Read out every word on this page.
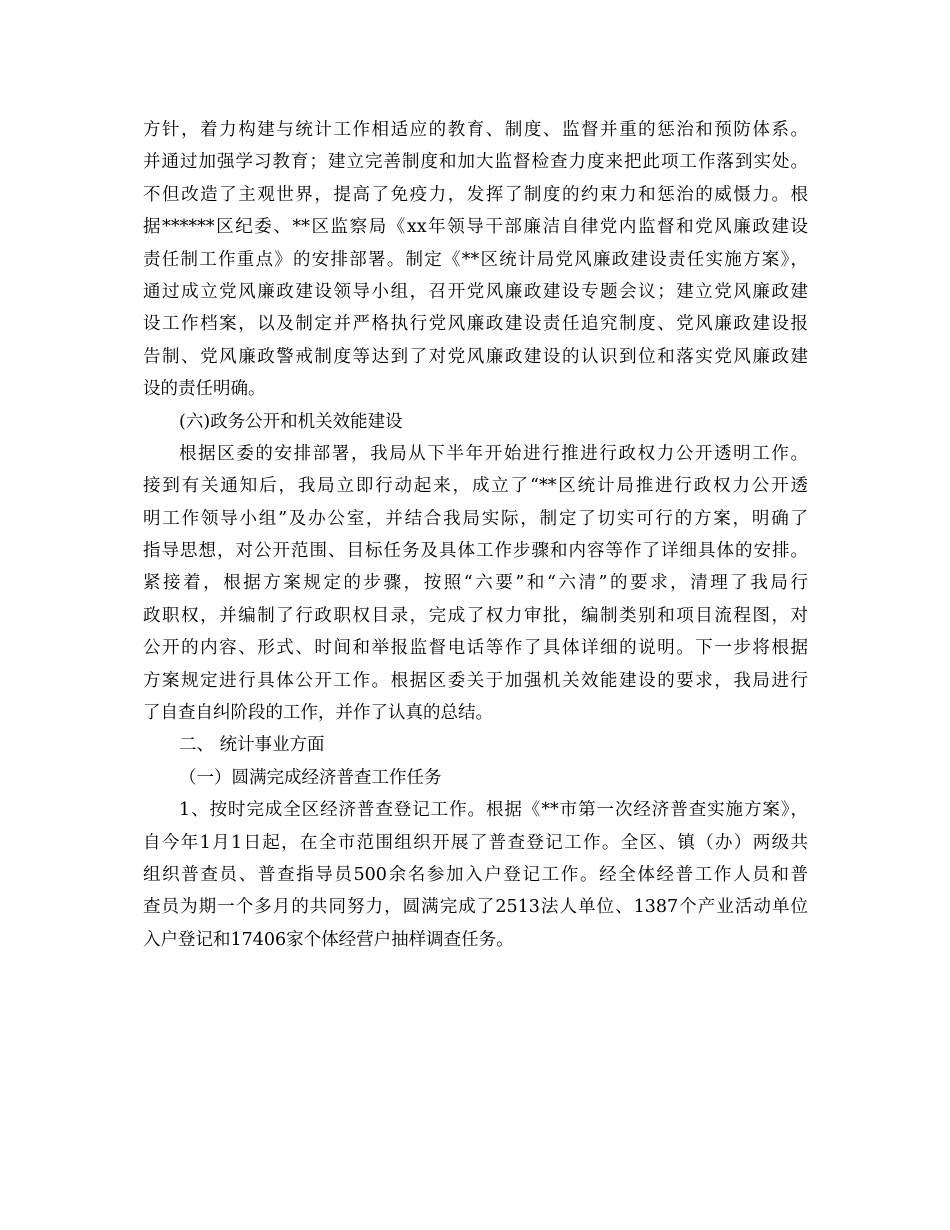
方针，着力构建与统计工作相适应的教育、制度、监督并重的惩治和预防体系。
并通过加强学习教育；建立完善制度和加大监督检查力度来把此项工作落到实处。
不但改造了主观世界，提高了免疫力，发挥了制度的约束力和惩治的威慑力。根
据******区纪委、**区监察局《xx年领导干部廉洁自律党内监督和党风廉政建设
责任制工作重点》的安排部署。制定《**区统计局党风廉政建设责任实施方案》，
通过成立党风廉政建设领导小组，召开党风廉政建设专题会议；建立党风廉政建
设工作档案，以及制定并严格执行党风廉政建设责任追究制度、党风廉政建设报
告制、党风廉政警戒制度等达到了对党风廉政建设的认识到位和落实党风廉政建
设的责任明确。
(六)政务公开和机关效能建设
根据区委的安排部署，我局从下半年开始进行推进行政权力公开透明工作。
接到有关通知后，我局立即行动起来，成立了“**区统计局推进行政权力公开透
明工作领导小组”及办公室，并结合我局实际，制定了切实可行的方案，明确了
指导思想，对公开范围、目标任务及具体工作步骤和内容等作了详细具体的安排。
紧接着，根据方案规定的步骤，按照“六要”和“六清”的要求，清理了我局行
政职权，并编制了行政职权目录，完成了权力审批，编制类别和项目流程图，对
公开的内容、形式、时间和举报监督电话等作了具体详细的说明。下一步将根据
方案规定进行具体公开工作。根据区委关于加强机关效能建设的要求，我局进行
了自查自纠阶段的工作，并作了认真的总结。
二、 统计事业方面
（一）圆满完成经济普查工作任务
1、按时完成全区经济普查登记工作。根据《**市第一次经济普查实施方案》，
自今年1月1日起，在全市范围组织开展了普查登记工作。全区、镇（办）两级共
组织普查员、普查指导员500余名参加入户登记工作。经全体经普工作人员和普
查员为期一个多月的共同努力，圆满完成了2513法人单位、1387个产业活动单位
入户登记和17406家个体经营户抽样调查任务。
